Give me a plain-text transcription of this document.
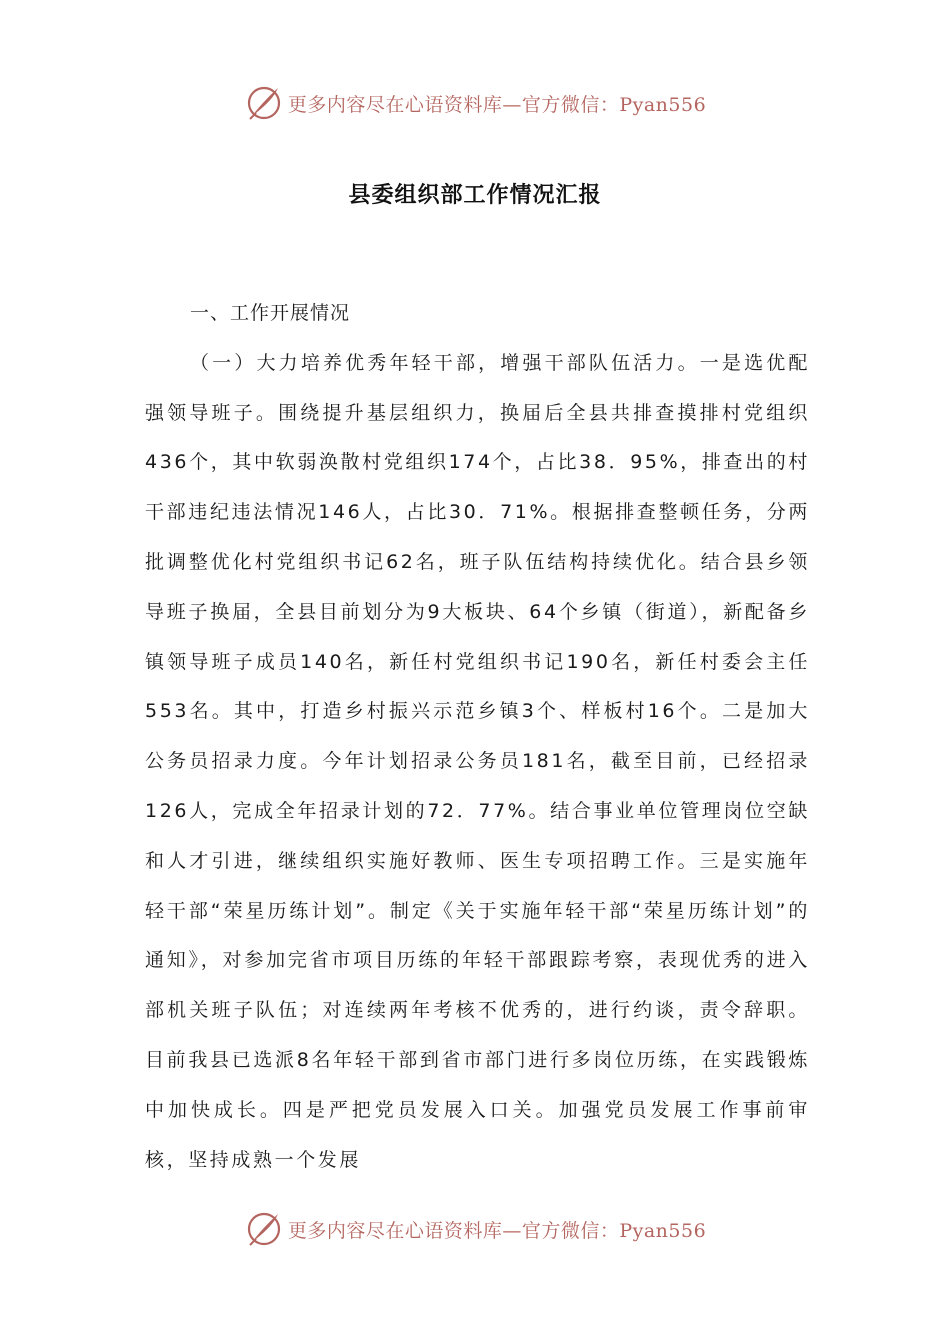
更多内容尽在心语资料库—官方微信：Pyan556
县委组织部工作情况汇报

一、工作开展情况

（一）大力培养优秀年轻干部，增强干部队伍活力。一是选优配强领导班子。围绕提升基层组织力，换届后全县共排查摸排村党组织436个，其中软弱涣散村党组织174个，占比38．95%，排查出的村干部违纪违法情况146人，占比30．71%。根据排查整顿任务，分两批调整优化村党组织书记62名，班子队伍结构持续优化。结合县乡领导班子换届，全县目前划分为9大板块、64个乡镇（街道），新配备乡镇领导班子成员140名，新任村党组织书记190名，新任村委会主任553名。其中，打造乡村振兴示范乡镇3个、样板村16个。二是加大公务员招录力度。今年计划招录公务员181名，截至目前，已经招录126人，完成全年招录计划的72．77%。结合事业单位管理岗位空缺和人才引进，继续组织实施好教师、医生专项招聘工作。三是实施年轻干部“荣星历练计划”。制定《关于实施年轻干部“荣星历练计划”的通知》，对参加完省市项目历练的年轻干部跟踪考察，表现优秀的进入部机关班子队伍；对连续两年考核不优秀的，进行约谈，责令辞职。目前我县已选派8名年轻干部到省市部门进行多岗位历练，在实践锻炼中加快成长。四是严把党员发展入口关。加强党员发展工作事前审核，坚持成熟一个发展

更多内容尽在心语资料库—官方微信：Pyan556
